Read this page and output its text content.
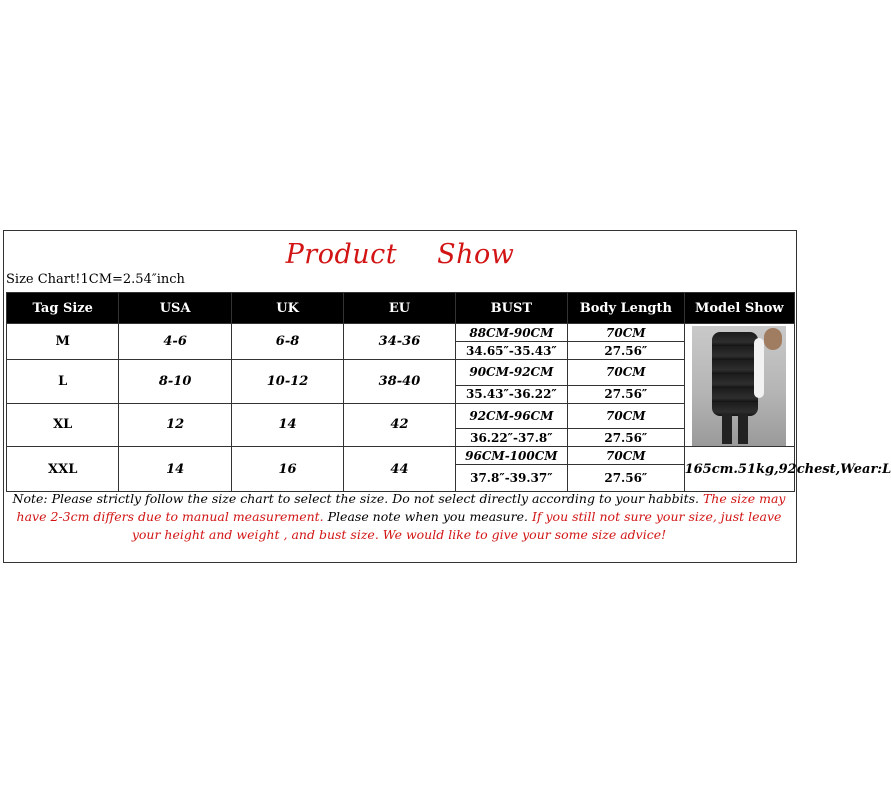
Product Show
Size Chart!1CM=2.54″inch
Tag Size	USA	UK	EU	BUST	Body Length	Model Show
M	4-6	6-8	34-36	88CM-90CM	70CM	

				34.65″-35.43″	27.56″	
L	8-10	10-12	38-40	90CM-92CM	70CM	
				35.43″-36.22″	27.56″	
XL	12	14	42	92CM-96CM	70CM	
				36.22″-37.8″	27.56″	
XXL	14	16	44	96CM-100CM	70CM	165cm.51kg,92chest,Wear:L
				37.8″-39.37″	27.56″	
Note: Please strictly follow the size chart to select the size. Do not select directly according to your habbits. The size may have 2-3cm differs due to manual measurement. Please note when you measure. If you still not sure your size, just leave your height and weight , and bust size. We would like to give your some size advice!
